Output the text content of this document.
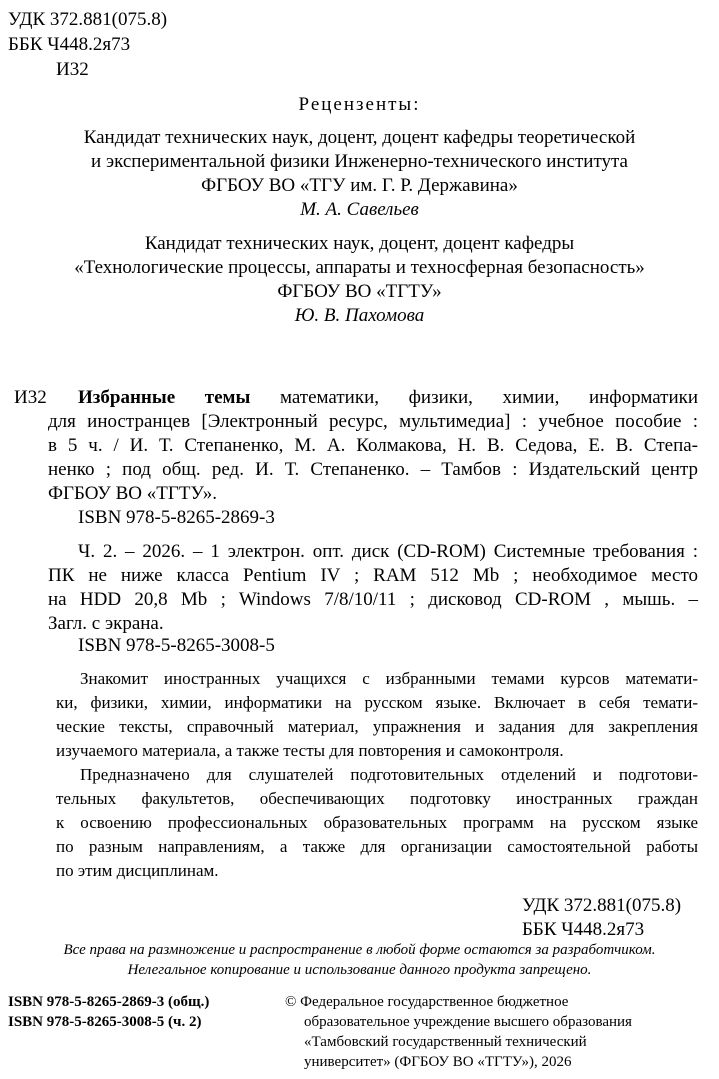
УДК 372.881(075.8)
ББК Ч448.2я73
И32
Рецензенты:
Кандидат технических наук, доцент, доцент кафедры теоретической
и экспериментальной физики Инженерно-технического института
ФГБОУ ВО «ТГУ им. Г. Р. Державина»
М. А. Савельев
Кандидат технических наук, доцент, доцент кафедры
«Технологические процессы, аппараты и техносферная безопасность»
ФГБОУ ВО «ТГТУ»
Ю. В. Пахомова
И32 Избранные темы математики, физики, химии, информатики
для иностранцев [Электронный ресурс, мультимедиа] : учебное пособие :
в 5 ч. / И. Т. Степаненко, М. А. Колмакова, Н. В. Седова, Е. В. Степа-
ненко ; под общ. ред. И. Т. Степаненко. – Тамбов : Издательский центр
ФГБОУ ВО «ТГТУ».
ISBN 978-5-8265-2869-3
Ч. 2. – 2026. – 1 электрон. опт. диск (CD-ROM) Системные требования :
ПК не ниже класса Pentium IV ; RAM 512 Mb ; необходимое место
на HDD 20,8 Mb ; Windows 7/8/10/11 ; дисковод CD-ROM , мышь. –
Загл. с экрана.
ISBN 978-5-8265-3008-5
Знакомит иностранных учащихся с избранными темами курсов математи-
ки, физики, химии, информатики на русском языке. Включает в себя темати-
ческие тексты, справочный материал, упражнения и задания для закрепления
изучаемого материала, а также тесты для повторения и самоконтроля.
Предназначено для слушателей подготовительных отделений и подготови-
тельных факультетов, обеспечивающих подготовку иностранных граждан
к освоению профессиональных образовательных программ на русском языке
по разным направлениям, а также для организации самостоятельной работы
по этим дисциплинам.
УДК 372.881(075.8)
ББК Ч448.2я73
Все права на размножение и распространение в любой форме остаются за разработчиком.
Нелегальное копирование и использование данного продукта запрещено.
ISBN 978-5-8265-2869-3 (общ.)
ISBN 978-5-8265-3008-5 (ч. 2)
© Федеральное государственное бюджетное
образовательное учреждение высшего образования
«Тамбовский государственный технический
университет» (ФГБОУ ВО «ТГТУ»), 2026
